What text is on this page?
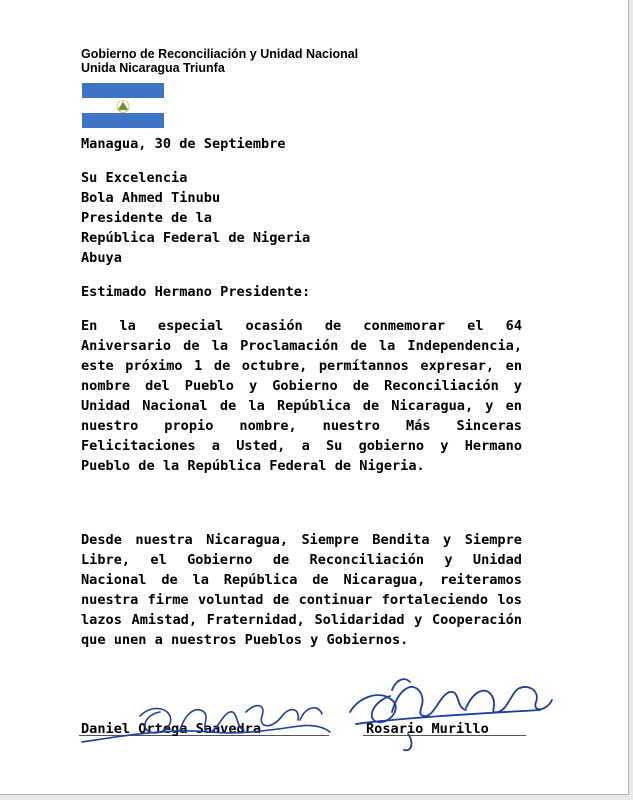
Gobierno de Reconciliación y Unidad Nacional
Unida Nicaragua Triunfa
Managua, 30 de Septiembre
Su Excelencia
Bola Ahmed Tinubu
Presidente de la
República Federal de Nigeria
Abuya
Estimado Hermano Presidente:

En la especial ocasión de conmemorar el 64 Aniversario de la Proclamación de la Independencia, este próximo 1 de octubre, permítannos expresar, en nombre del Pueblo y Gobierno de Reconciliación y Unidad Nacional de la República de Nicaragua, y en nuestro propio nombre, nuestro Más Sinceras Felicitaciones a Usted, a Su gobierno y Hermano Pueblo de la República Federal de Nigeria.

Desde nuestra Nicaragua, Siempre Bendita y Siempre Libre, el Gobierno de Reconciliación y Unidad Nacional de la República de Nicaragua, reiteramos nuestra firme voluntad de continuar fortaleciendo los lazos Amistad, Fraternidad, Solidaridad y Cooperación que unen a nuestros Pueblos y Gobiernos.

Daniel Ortega Saavedra	Rosario Murillo
